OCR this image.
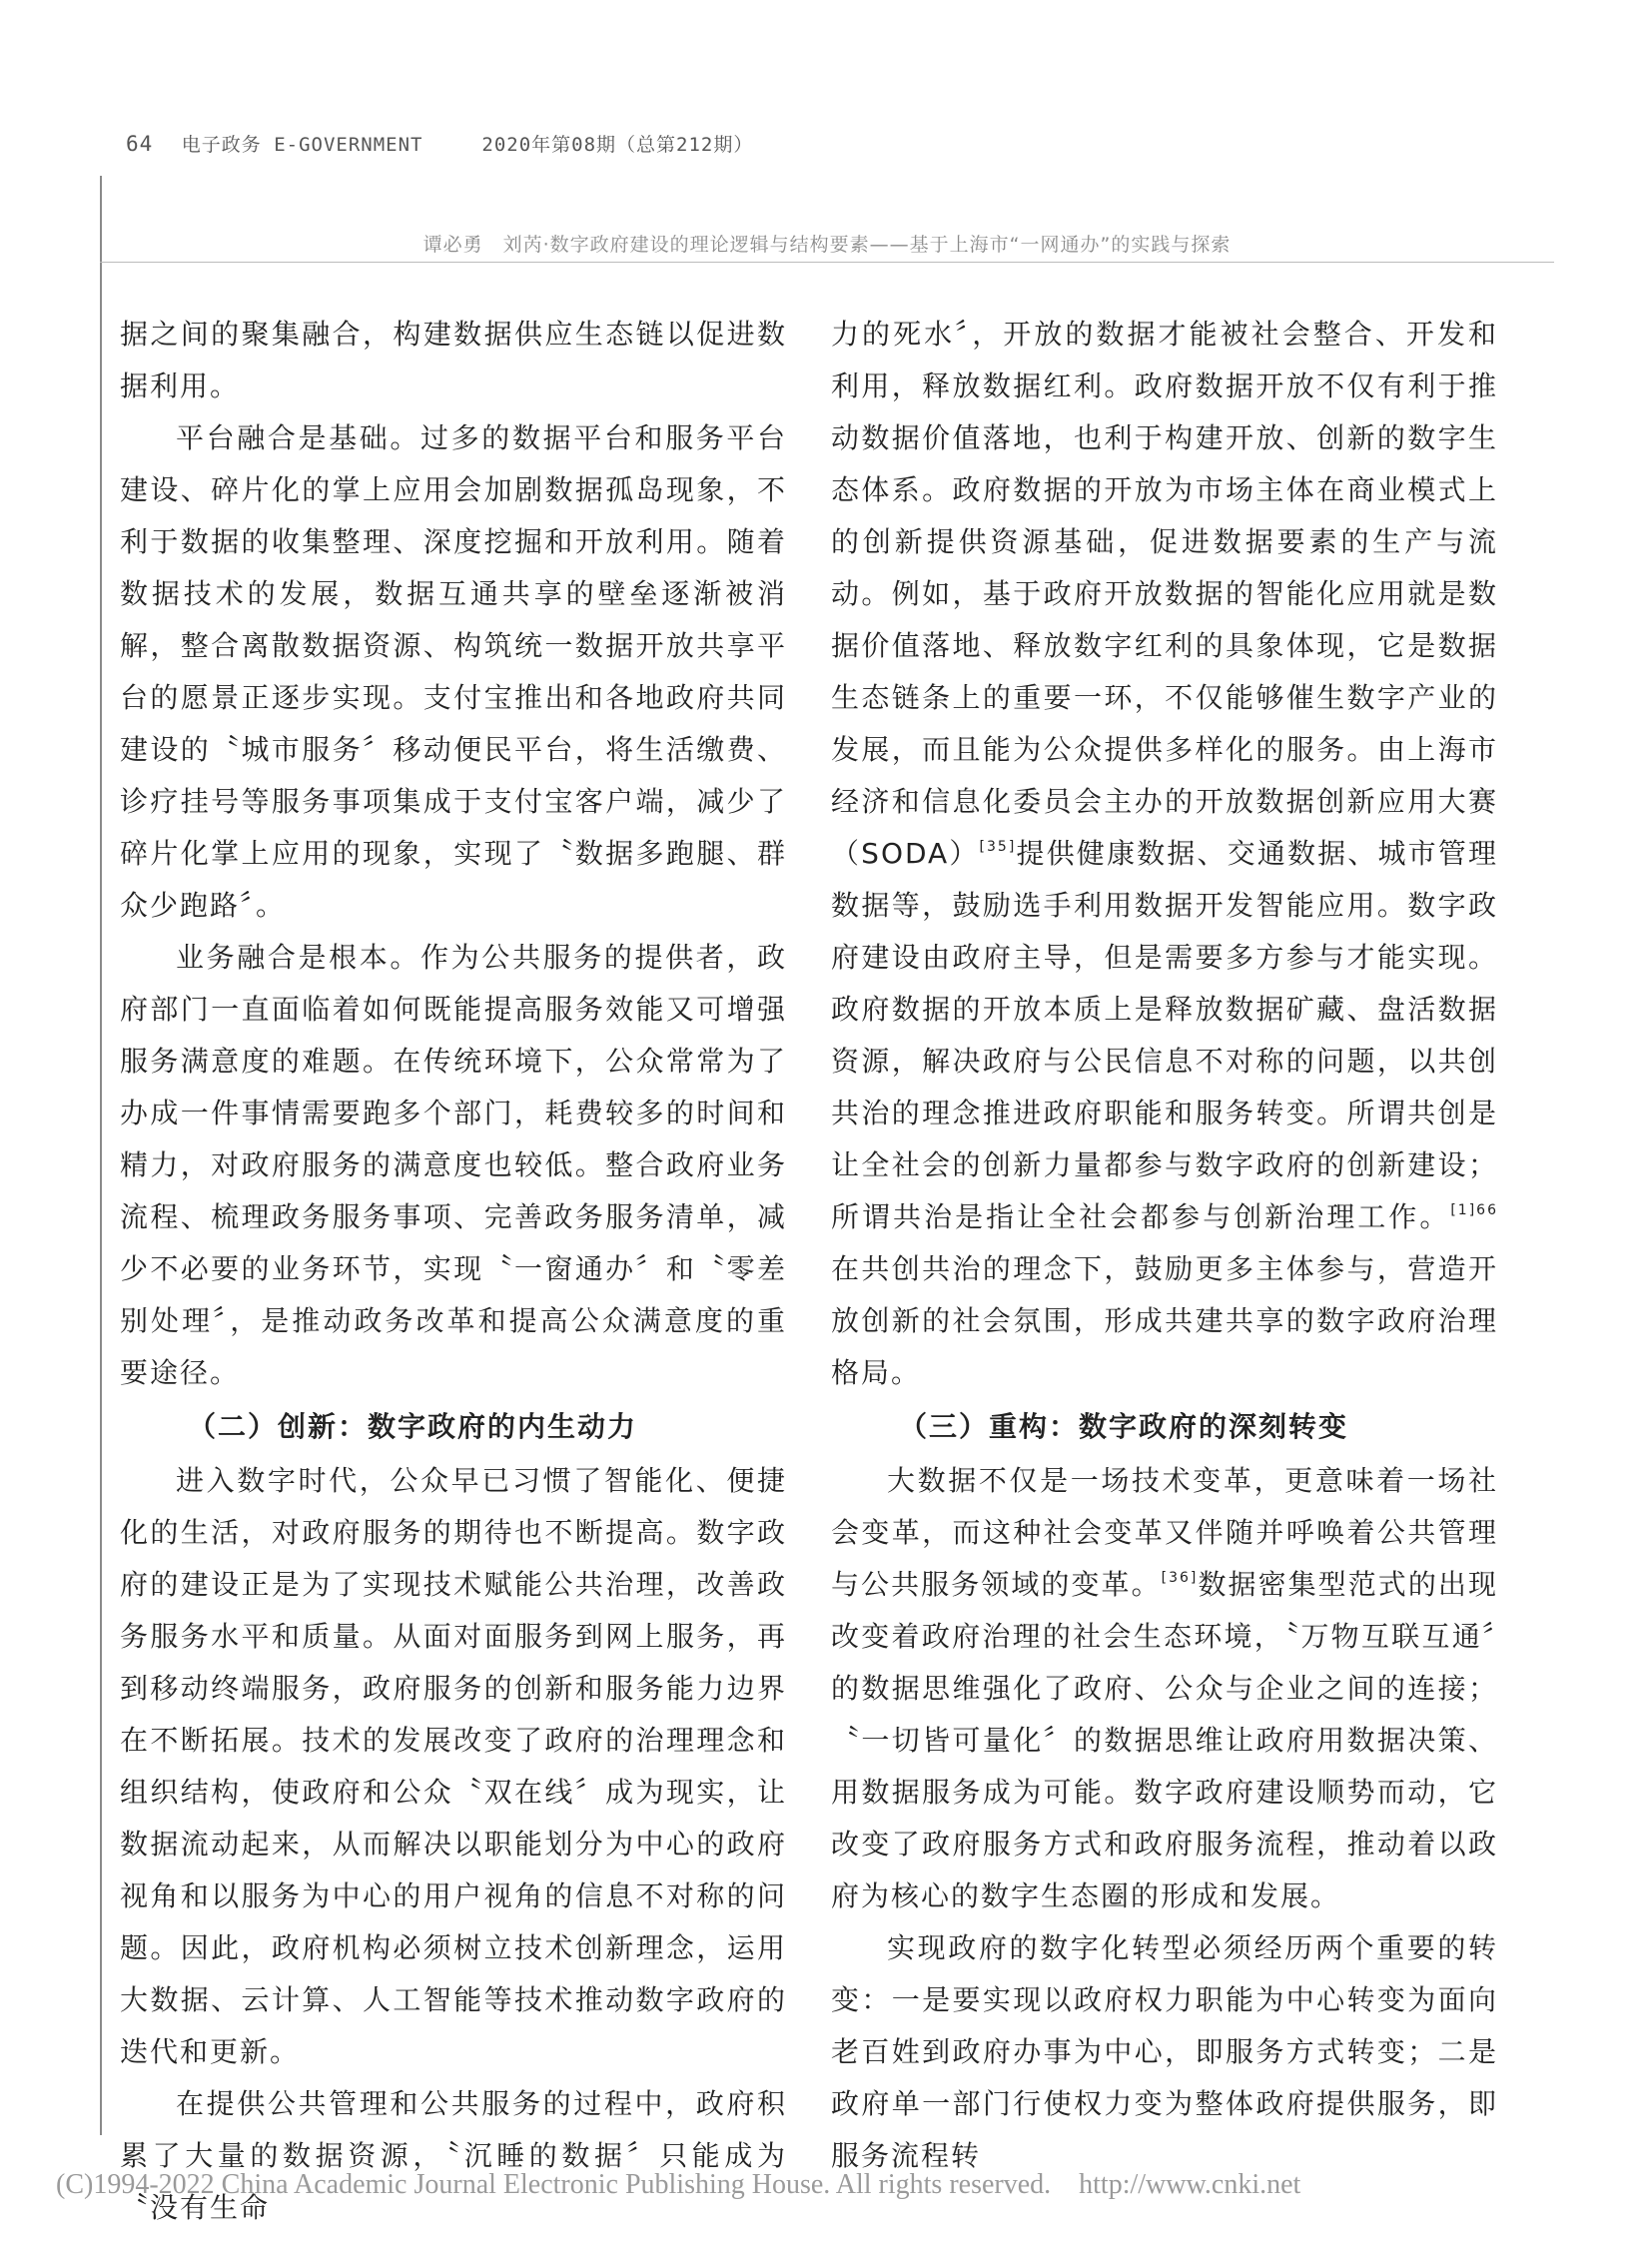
64 电子政务 E-GOVERNMENT	2020年第08期（总第212期）
谭必勇　刘芮·数字政府建设的理论逻辑与结构要素——基于上海市“一网通办”的实践与探索

据之间的聚集融合，构建数据供应生态链以促进数据利用。

平台融合是基础。过多的数据平台和服务平台建设、碎片化的掌上应用会加剧数据孤岛现象，不利于数据的收集整理、深度挖掘和开放利用。随着数据技术的发展，数据互通共享的壁垒逐渐被消解，整合离散数据资源、构筑统一数据开放共享平台的愿景正逐步实现。支付宝推出和各地政府共同建设的〝城市服务〞移动便民平台，将生活缴费、诊疗挂号等服务事项集成于支付宝客户端，减少了碎片化掌上应用的现象，实现了〝数据多跑腿、群众少跑路〞。

业务融合是根本。作为公共服务的提供者，政府部门一直面临着如何既能提高服务效能又可增强服务满意度的难题。在传统环境下，公众常常为了办成一件事情需要跑多个部门，耗费较多的时间和精力，对政府服务的满意度也较低。整合政府业务流程、梳理政务服务事项、完善政务服务清单，减少不必要的业务环节，实现〝一窗通办〞和〝零差别处理〞，是推动政务改革和提高公众满意度的重要途径。

（二）创新：数字政府的内生动力

进入数字时代，公众早已习惯了智能化、便捷化的生活，对政府服务的期待也不断提高。数字政府的建设正是为了实现技术赋能公共治理，改善政务服务水平和质量。从面对面服务到网上服务，再到移动终端服务，政府服务的创新和服务能力边界在不断拓展。技术的发展改变了政府的治理理念和组织结构，使政府和公众〝双在线〞成为现实，让数据流动起来，从而解决以职能划分为中心的政府视角和以服务为中心的用户视角的信息不对称的问题。因此，政府机构必须树立技术创新理念，运用大数据、云计算、人工智能等技术推动数字政府的迭代和更新。

在提供公共管理和公共服务的过程中，政府积累了大量的数据资源，〝沉睡的数据〞只能成为〝没有生命

力的死水〞，开放的数据才能被社会整合、开发和利用，释放数据红利。政府数据开放不仅有利于推动数据价值落地，也利于构建开放、创新的数字生态体系。政府数据的开放为市场主体在商业模式上的创新提供资源基础，促进数据要素的生产与流动。例如，基于政府开放数据的智能化应用就是数据价值落地、释放数字红利的具象体现，它是数据生态链条上的重要一环，不仅能够催生数字产业的发展，而且能为公众提供多样化的服务。由上海市经济和信息化委员会主办的开放数据创新应用大赛（SODA）[35]提供健康数据、交通数据、城市管理数据等，鼓励选手利用数据开发智能应用。数字政府建设由政府主导，但是需要多方参与才能实现。政府数据的开放本质上是释放数据矿藏、盘活数据资源，解决政府与公民信息不对称的问题，以共创共治的理念推进政府职能和服务转变。所谓共创是让全社会的创新力量都参与数字政府的创新建设；所谓共治是指让全社会都参与创新治理工作。$^{[1]66}$在共创共治的理念下，鼓励更多主体参与，营造开放创新的社会氛围，形成共建共享的数字政府治理格局。

（三）重构：数字政府的深刻转变

大数据不仅是一场技术变革，更意味着一场社会变革，而这种社会变革又伴随并呼唤着公共管理与公共服务领域的变革。[36]数据密集型范式的出现改变着政府治理的社会生态环境，〝万物互联互通〞的数据思维强化了政府、公众与企业之间的连接；〝一切皆可量化〞的数据思维让政府用数据决策、用数据服务成为可能。数字政府建设顺势而动，它改变了政府服务方式和政府服务流程，推动着以政府为核心的数字生态圈的形成和发展。

实现政府的数字化转型必须经历两个重要的转变：一是要实现以政府权力职能为中心转变为面向老百姓到政府办事为中心，即服务方式转变；二是政府单一部门行使权力变为整体政府提供服务，即服务流程转

(C)1994-2022 China Academic Journal Electronic Publishing House. All rights reserved. http://www.cnki.net
